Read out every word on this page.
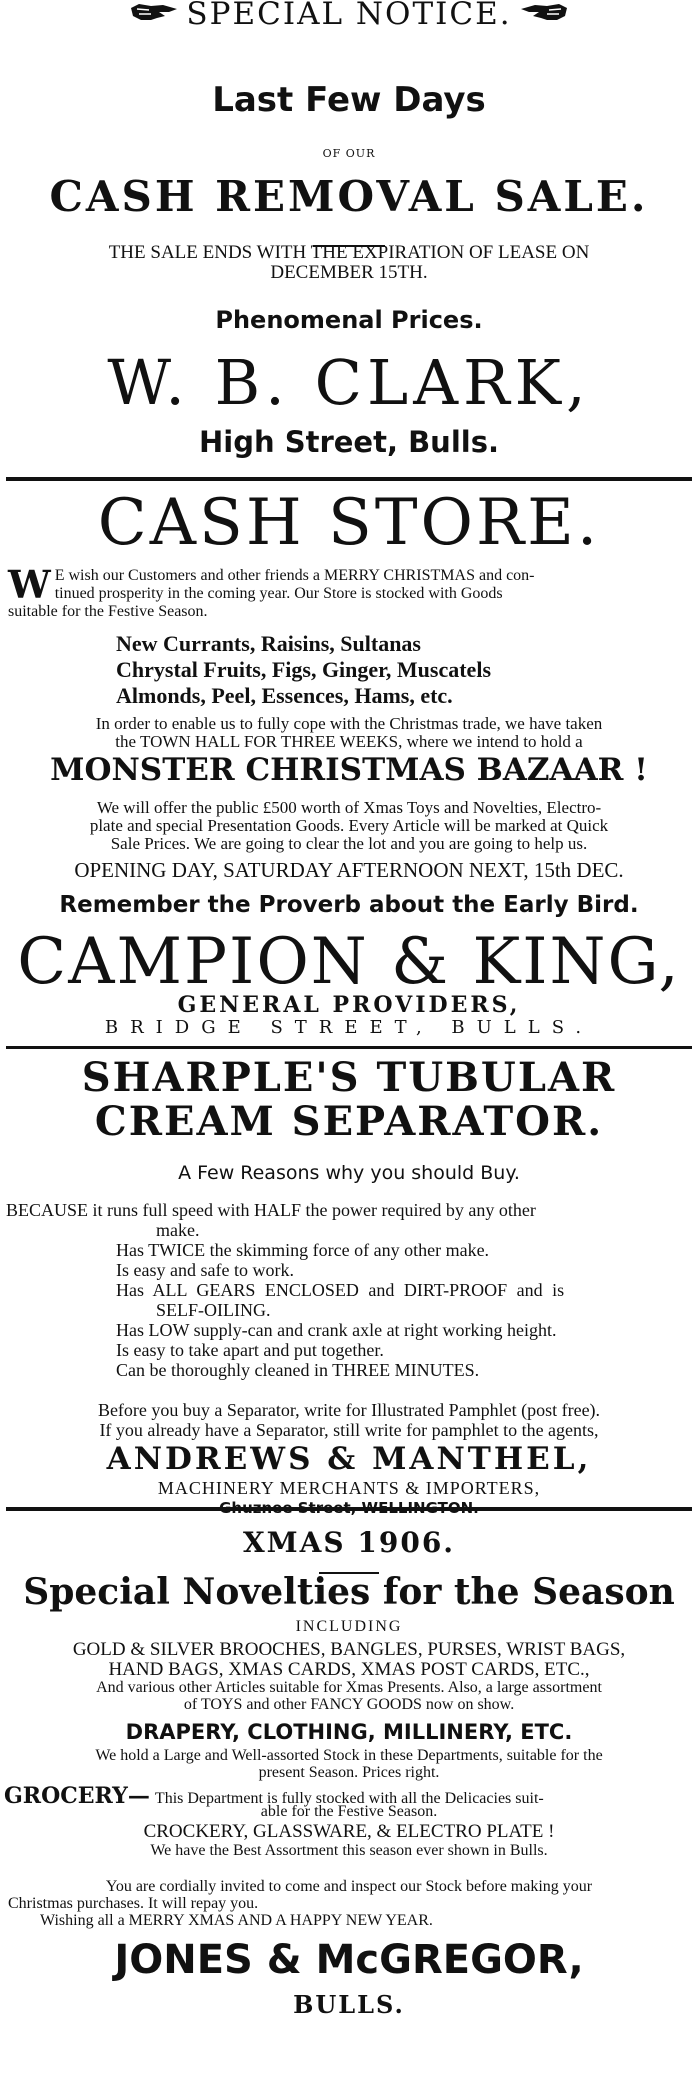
SPECIAL NOTICE.
Last Few Days
OF OUR
CASH REMOVAL SALE.
THE SALE ENDS WITH THE EXPIRATION OF LEASE ON
DECEMBER 15TH.
Phenomenal Prices.
W. B. CLARK,
High Street, Bulls.
CASH STORE.
W E wish our Customers and other friends a MERRY CHRISTMAS and con-
tinued prosperity in the coming year. Our Store is stocked with Goods
suitable for the Festive Season.
New Currants, Raisins, Sultanas
Chrystal Fruits, Figs, Ginger, Muscatels
Almonds, Peel, Essences, Hams, etc.
In order to enable us to fully cope with the Christmas trade, we have taken
the TOWN HALL FOR THREE WEEKS, where we intend to hold a
MONSTER CHRISTMAS BAZAAR !
We will offer the public £500 worth of Xmas Toys and Novelties, Electro-
plate and special Presentation Goods. Every Article will be marked at Quick
Sale Prices. We are going to clear the lot and you are going to help us.
OPENING DAY, SATURDAY AFTERNOON NEXT, 15th DEC.
Remember the Proverb about the Early Bird.
CAMPION & KING,
GENERAL PROVIDERS,
BRIDGE STREET, BULLS.
SHARPLE'S TUBULAR
CREAM SEPARATOR.
A Few Reasons why you should Buy.
BECAUSE it runs full speed with HALF the power required by any other
make.
Has TWICE the skimming force of any other make.
Is easy and safe to work.
Has ALL GEARS ENCLOSED and DIRT-PROOF and is
SELF-OILING.
Has LOW supply-can and crank axle at right working height.
Is easy to take apart and put together.
Can be thoroughly cleaned in THREE MINUTES.
Before you buy a Separator, write for Illustrated Pamphlet (post free).
If you already have a Separator, still write for pamphlet to the agents,
ANDREWS & MANTHEL,
MACHINERY MERCHANTS & IMPORTERS,
XMAS 1906.
Special Novelties for the Season
INCLUDING
GOLD & SILVER BROOCHES, BANGLES, PURSES, WRIST BAGS,
HAND BAGS, XMAS CARDS, XMAS POST CARDS, ETC.,
And various other Articles suitable for Xmas Presents. Also, a large assortment
of TOYS and other FANCY GOODS now on show.
DRAPERY, CLOTHING, MILLINERY, ETC.
We hold a Large and Well-assorted Stock in these Departments, suitable for the
present Season. Prices right.
GROCERY— This Department is fully stocked with all the Delicacies suit-
able for the Festive Season.
CROCKERY, GLASSWARE, & ELECTRO PLATE !
We have the Best Assortment this season ever shown in Bulls.
You are cordially invited to come and inspect our Stock before making your
Christmas purchases. It will repay you.
Wishing all a MERRY XMAS AND A HAPPY NEW YEAR.
JONES & McGREGOR,
BULLS.
